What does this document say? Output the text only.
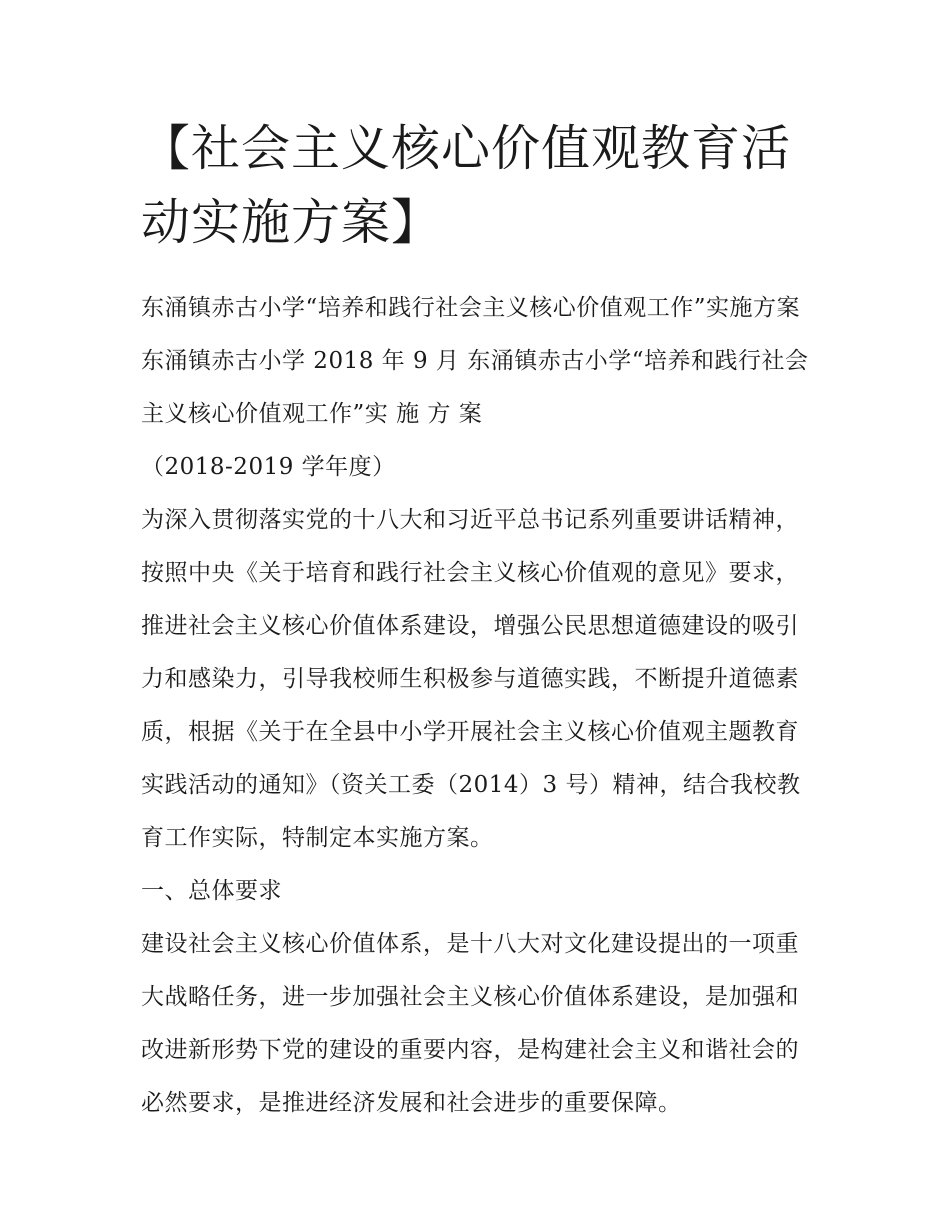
【社会主义核心价值观教育活动实施方案】

东涌镇赤古小学“培养和践行社会主义核心价值观工作”实施方案 东涌镇赤古小学 2018 年 9 月 东涌镇赤古小学“培养和践行社会主义核心价值观工作”实 施 方 案

（2018-2019 学年度）

为深入贯彻落实党的十八大和习近平总书记系列重要讲话精神，按照中央《关于培育和践行社会主义核心价值观的意见》要求，推进社会主义核心价值体系建设，增强公民思想道德建设的吸引力和感染力，引导我校师生积极参与道德实践，不断提升道德素质，根据《关于在全县中小学开展社会主义核心价值观主题教育实践活动的通知》（资关工委（2014）3 号）精神，结合我校教育工作实际，特制定本实施方案。

一、总体要求

建设社会主义核心价值体系，是十八大对文化建设提出的一项重大战略任务，进一步加强社会主义核心价值体系建设，是加强和改进新形势下党的建设的重要内容，是构建社会主义和谐社会的必然要求，是推进经济发展和社会进步的重要保障。
